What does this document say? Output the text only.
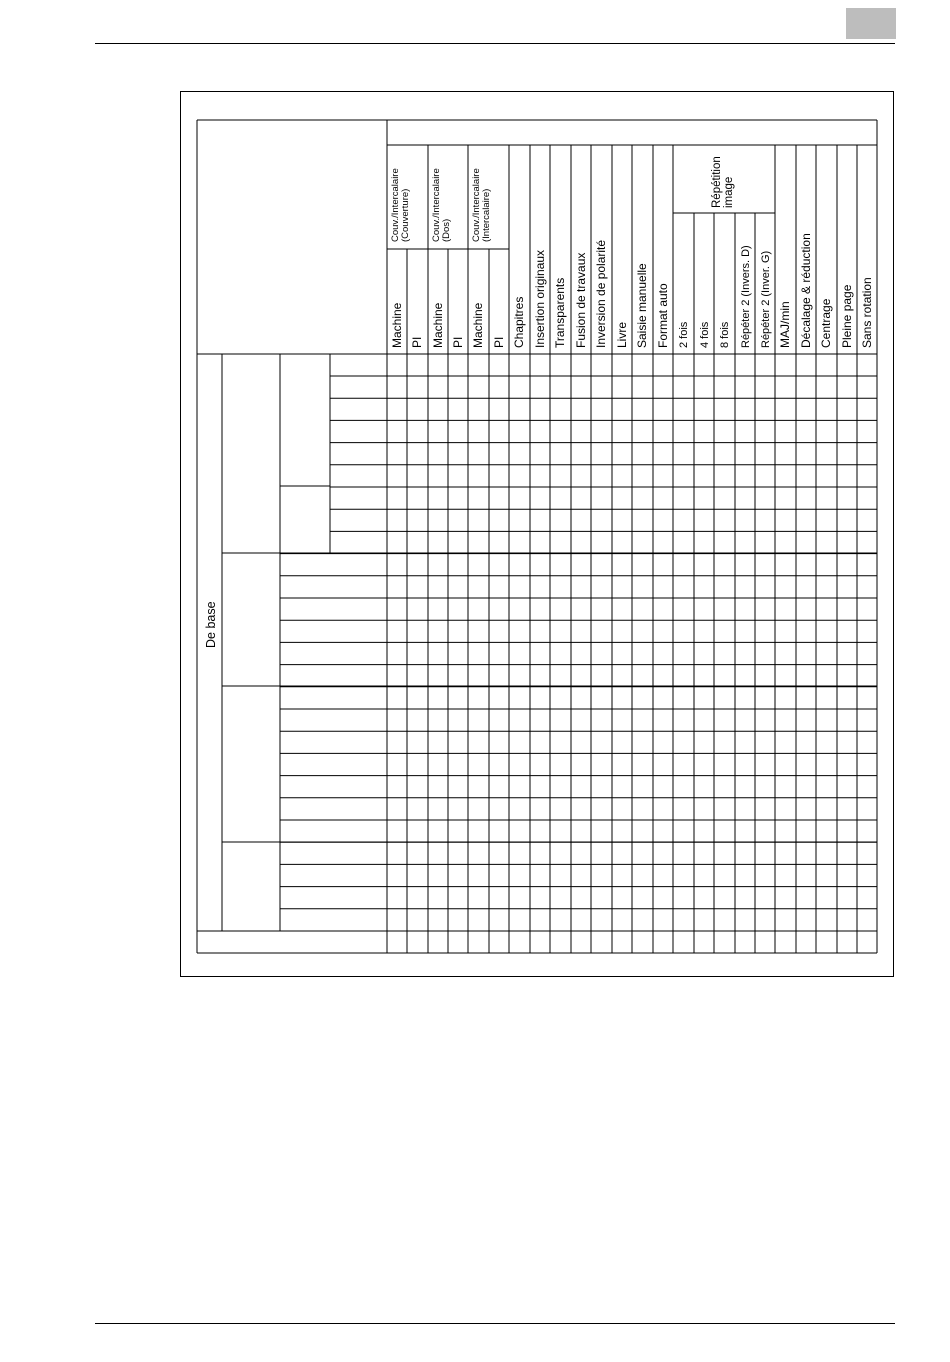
De base
Couv./Intercalaire
(Couverture)
Machine PI
Couv./Intercalaire
(Dos)
Machine PI
Couv./Intercalaire
(Intercalaire)
Machine PI Chapitres Insertion originaux Transparents Fusion de travaux Inversion de polarité Livre Saisie manuelle Format auto
Répétition image
2 fois 4 fois 8 fois Répéter 2 (Invers. D) Répéter 2 (Inver. G) MAJ/min Décalage & réduction Centrage Pleine page Sans rotation
